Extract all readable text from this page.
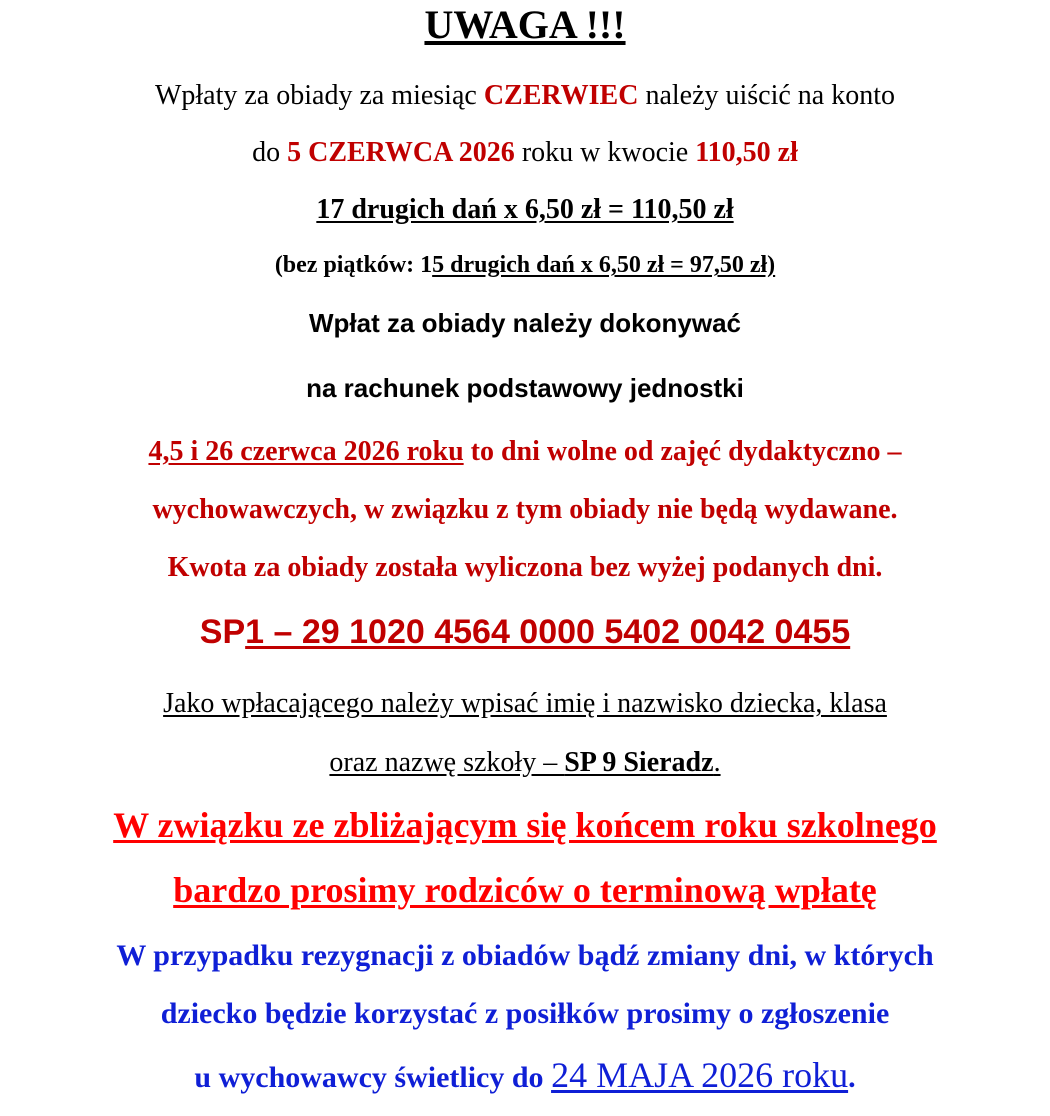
UWAGA !!!
Wpłaty za obiady za miesiąc CZERWIEC należy uiścić na konto
do 5 CZERWCA 2026 roku w kwocie 110,50 zł
17 drugich dań x 6,50 zł = 110,50 zł
(bez piątków: 15 drugich dań x 6,50 zł = 97,50 zł)
Wpłat za obiady należy dokonywać
na rachunek podstawowy jednostki
4,5 i 26 czerwca 2026 roku to dni wolne od zajęć dydaktyczno –
wychowawczych, w związku z tym obiady nie będą wydawane.
Kwota za obiady została wyliczona bez wyżej podanych dni.
SP1 – 29 1020 4564 0000 5402 0042 0455
Jako wpłacającego należy wpisać imię i nazwisko dziecka, klasa
oraz nazwę szkoły – SP 9 Sieradz.
W związku ze zbliżającym się końcem roku szkolnego
bardzo prosimy rodziców o terminową wpłatę
W przypadku rezygnacji z obiadów bądź zmiany dni, w których
dziecko będzie korzystać z posiłków prosimy o zgłoszenie
u wychowawcy świetlicy do 24 MAJA 2026 roku.
